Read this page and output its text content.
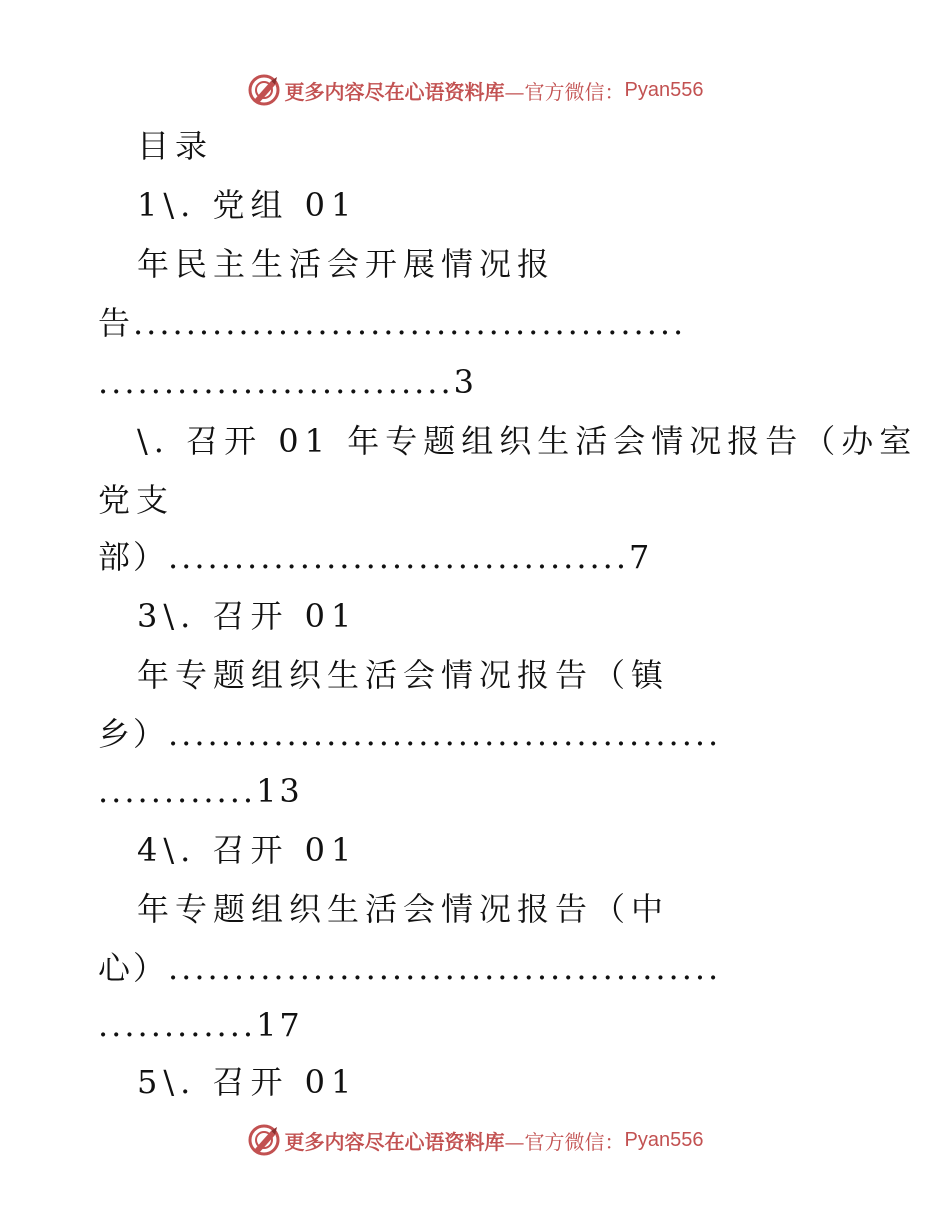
更多内容尽在心语资料库 —官方微信： Pyan556
目录
1\. 党组 01
年民主生活会开展情况报
告..........................................
...........................3
\. 召开 01 年专题组织生活会情况报告（办室
党支
部）...................................7
3\. 召开 01
年专题组织生活会情况报告（镇
乡）..........................................
............13
4\. 召开 01
年专题组织生活会情况报告（中
心）..........................................
............17
5\. 召开 01
更多内容尽在心语资料库 —官方微信： Pyan556
